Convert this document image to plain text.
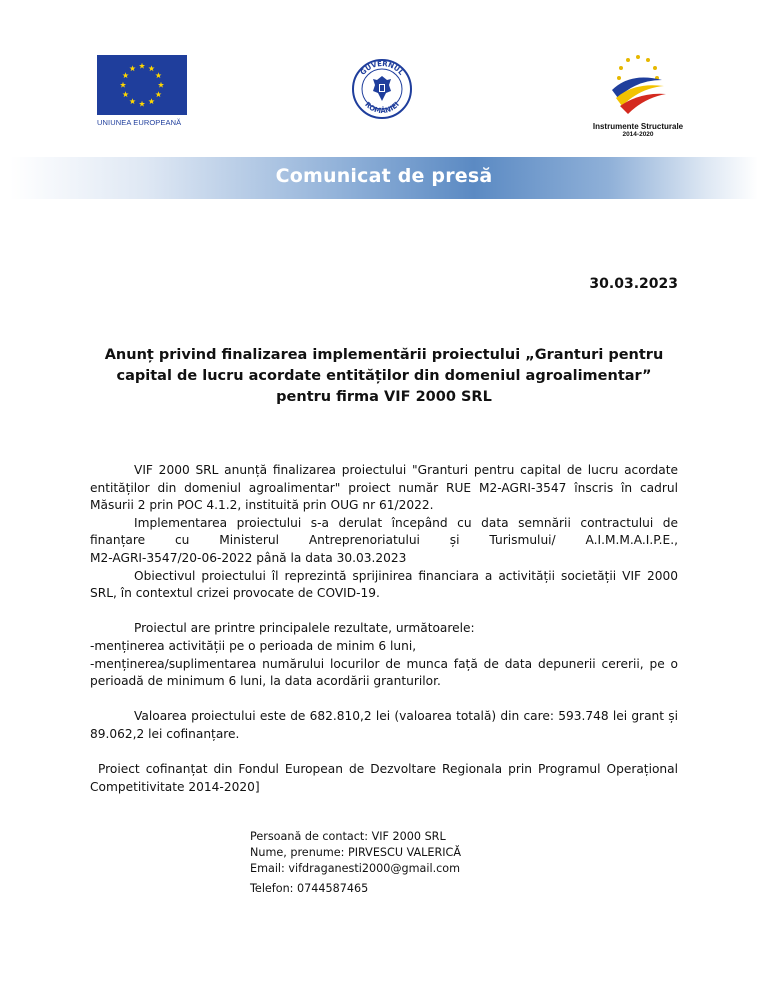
UNIUNEA EUROPEANĂ
GUVERNUL
ROMÂNIEI
Instrumente Structurale
2014-2020
Comunicat de presă
30.03.2023
Anunț privind finalizarea implementării proiectului „Granturi pentru
capital de lucru acordate entităților din domeniul agroalimentar”
pentru firma VIF 2000 SRL

VIF 2000 SRL anunță finalizarea proiectului "Granturi pentru capital de lucru acordate entităților din domeniul agroalimentar" proiect număr RUE M2-AGRI-3547 înscris în cadrul Măsurii 2 prin POC 4.1.2, instituită prin OUG nr 61/2022.

Implementarea proiectului s-a derulat începând cu data semnării contractului de finanțare cu Ministerul Antreprenoriatului și Turismului/ A.I.M.M.A.I.P.E.,

M2-AGRI-3547/20-06-2022 până la data 30.03.2023

Obiectivul proiectului îl reprezintă sprijinirea financiara a activității societății VIF 2000 SRL, în contextul crizei provocate de COVID-19.

Proiectul are printre principalele rezultate, următoarele:

-menținerea activității pe o perioada de minim 6 luni,

-menținerea/suplimentarea numărului locurilor de munca față de data depunerii cererii, pe o perioadă de minimum 6 luni, la data acordării granturilor.

Valoarea proiectului este de 682.810,2 lei (valoarea totală) din care: 593.748 lei grant și 89.062,2 lei cofinanțare.

Proiect cofinanțat din Fondul European de Dezvoltare Regionala prin Programul Operațional Competitivitate 2014-2020]

Persoană de contact: VIF 2000 SRL
Nume, prenume: PIRVESCU VALERICĂ
Email: vifdraganesti2000@gmail.com
Telefon: 0744587465
